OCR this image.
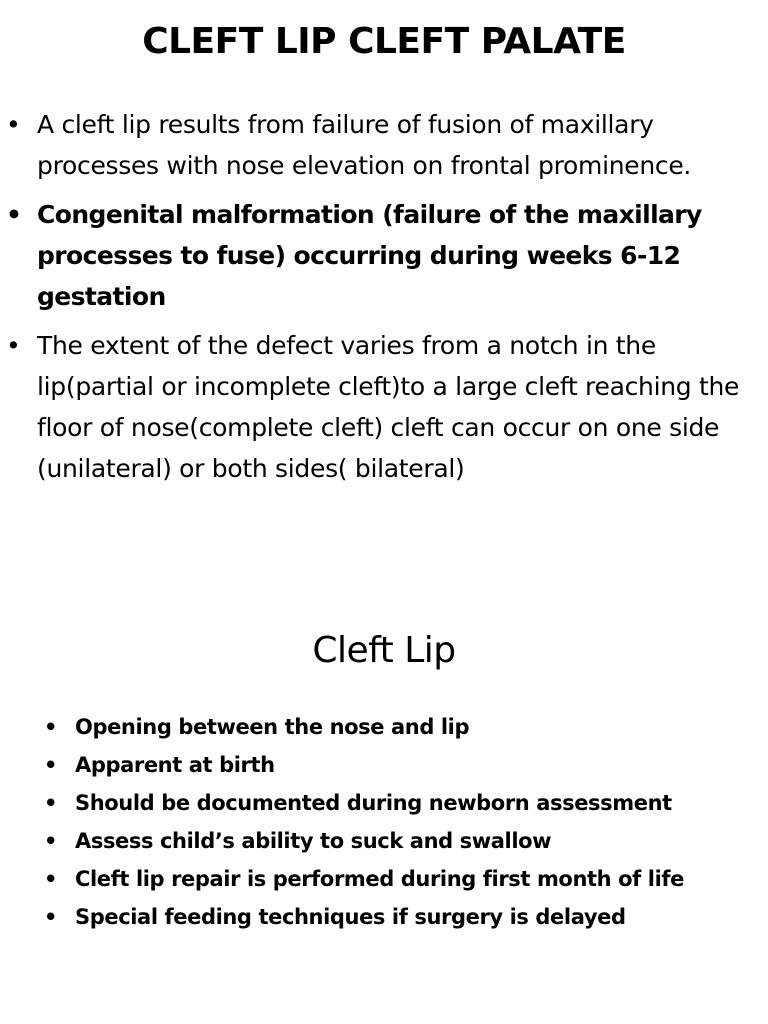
CLEFT LIP CLEFT PALATE
• A cleft lip results from failure of fusion of maxillary processes with nose elevation on frontal prominence.
• Congenital malformation (failure of the maxillary processes to fuse) occurring during weeks 6-12 gestation
• The extent of the defect varies from a notch in the lip(partial or incomplete cleft)to a large cleft reaching the floor of nose(complete cleft) cleft can occur on one side (unilateral) or both sides( bilateral)
Cleft Lip
• Opening between the nose and lip
• Apparent at birth
• Should be documented during newborn assessment
• Assess child’s ability to suck and swallow
• Cleft lip repair is performed during first month of life
• Special feeding techniques if surgery is delayed
